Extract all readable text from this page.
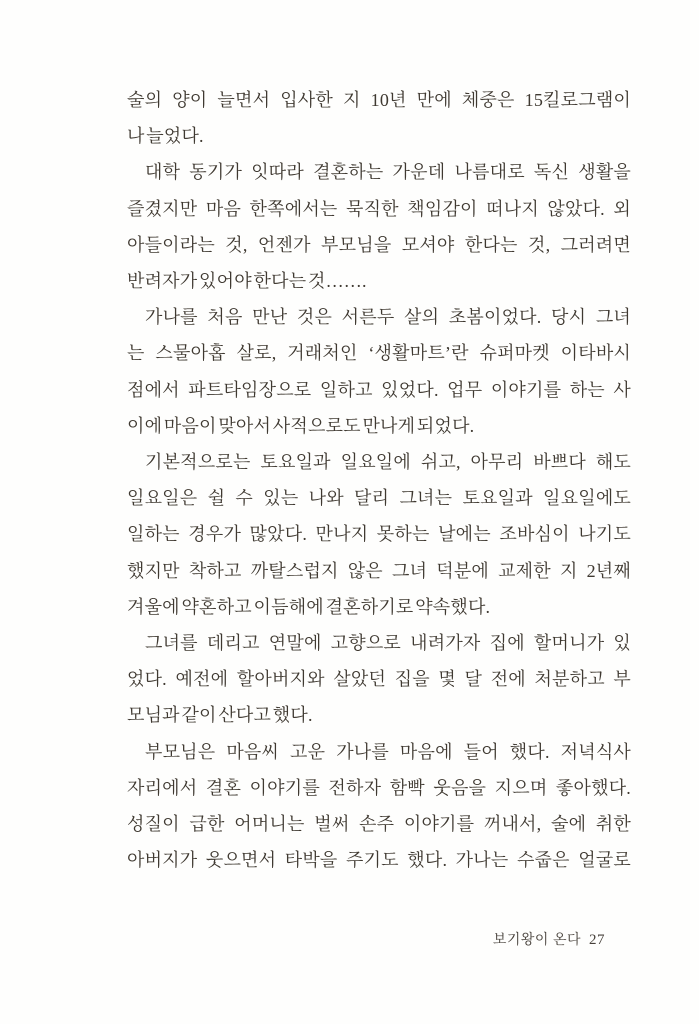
술의 양이 늘면서 입사한 지 10년 만에 체중은 15킬로그램이

나 늘었다.

대학 동기가 잇따라 결혼하는 가운데 나름대로 독신 생활을

즐겼지만 마음 한쪽에서는 묵직한 책임감이 떠나지 않았다. 외

아들이라는 것, 언젠가 부모님을 모셔야 한다는 것, 그러려면

반려자가 있어야 한다는 것…….

가나를 처음 만난 것은 서른두 살의 초봄이었다. 당시 그녀

는 스물아홉 살로, 거래처인 ‘생활마트’란 슈퍼마켓 이타바시

점에서 파트타임장으로 일하고 있었다. 업무 이야기를 하는 사

이에 마음이 맞아서 사적으로도 만나게 되었다.

기본적으로는 토요일과 일요일에 쉬고, 아무리 바쁘다 해도

일요일은 쉴 수 있는 나와 달리 그녀는 토요일과 일요일에도

일하는 경우가 많았다. 만나지 못하는 날에는 조바심이 나기도

했지만 착하고 까탈스럽지 않은 그녀 덕분에 교제한 지 2년째

겨울에 약혼하고 이듬해에 결혼하기로 약속했다.

그녀를 데리고 연말에 고향으로 내려가자 집에 할머니가 있

었다. 예전에 할아버지와 살았던 집을 몇 달 전에 처분하고 부

모님과 같이 산다고 했다.

부모님은 마음씨 고운 가나를 마음에 들어 했다. 저녁식사

자리에서 결혼 이야기를 전하자 함빡 웃음을 지으며 좋아했다.

성질이 급한 어머니는 벌써 손주 이야기를 꺼내서, 술에 취한

아버지가 웃으면서 타박을 주기도 했다. 가나는 수줍은 얼굴로

보기왕이 온다 27
